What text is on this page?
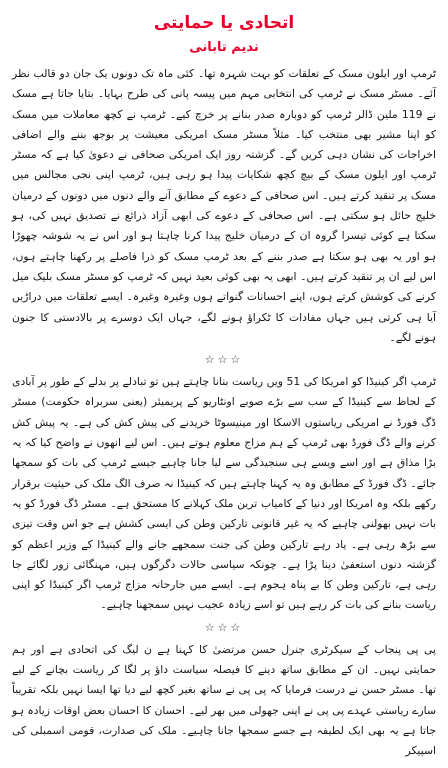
اتحادی یا حمایتی
ندیم تابانی

ٹرمپ اور ایلون مسک کے تعلقات کو بہت شہرہ تھا۔ کئی ماہ تک دونوں یک جان دو قالب نظر آئے۔ مسٹر مسک نے ٹرمپ کی انتخابی مہم میں پیسہ پانی کی طرح بہایا۔ بتایا جاتا ہے مسک نے 119 ملین ڈالر ٹرمپ کو دوبارہ صدر بنانے پر خرچ کیے۔ ٹرمپ نے کچھ معاملات میں مسک کو اپنا مشیر بھی منتخب کیا۔ مثلاً مسٹر مسک امریکی معیشت پر بوجھ بننے والے اضافی اخراجات کی نشان دہی کریں گے۔ گزشتہ روز ایک امریکی صحافی نے دعویٰ کیا ہے کہ مسٹر ٹرمپ اور ایلون مسک کے بیچ کچھ شکایات پیدا ہو رہی ہیں، ٹرمپ اپنی نجی مجالس میں مسک پر تنقید کرتے ہیں۔ اس صحافی کے دعوے کے مطابق آنے والے دنوں میں دونوں کے درمیان خلیج حائل ہو سکتی ہے۔ اس صحافی کے دعوے کی ابھی آزاد ذرائع نے تصدیق نہیں کی، ہو سکتا ہے کوئی تیسرا گروہ ان کے درمیان خلیج پیدا کرنا چاہتا ہو اور اس نے یہ شوشہ چھوڑا ہو اور یہ بھی ہو سکتا ہے صدر بننے کے بعد ٹرمپ مسک کو ذرا فاصلے پر رکھنا چاہتے ہوں، اس لیے ان پر تنقید کرتے ہیں۔ ابھی یہ بھی کوئی بعید نہیں کہ ٹرمپ کو مسٹر مسک بلیک میل کرنے کی کوشش کرتے ہوں، اپنے احسانات گنواتے ہوں وغیرہ وغیرہ۔ ایسے تعلقات میں دراڑیں آیا ہی کرتی ہیں جہاں مفادات کا ٹکراؤ ہونے لگے، جہاں ایک دوسرے پر بالادستی کا جنون ہونے لگے۔

☆☆☆

ٹرمپ اگر کینیڈا کو امریکا کی 51 ویں ریاست بنانا چاہتے ہیں تو تبادلے پر بدلے کے طور پر آبادی کے لحاظ سے کینیڈا کے سب سے بڑے صوبے اونٹاریو کے پریمیئر (یعنی سربراہ حکومت) مسٹر ڈگ فورڈ نے امریکی ریاستوں الاسکا اور مینیسوٹا خریدنے کی پیش کش کی ہے۔ یہ پیش کش کرنے والے ڈگ فورڈ بھی ٹرمپ کے ہم مزاج معلوم ہوتے ہیں۔ اس لیے انھوں نے واضح کیا کہ یہ بڑا مذاق ہے اور اسے ویسے ہی سنجیدگی سے لیا جانا چاہیے جیسے ٹرمپ کی بات کو سمجھا جائے۔ ڈگ فورڈ کے مطابق وہ یہ کہنا چاہتے ہیں کہ کینیڈا نہ صرف الگ ملک کی حیثیت برقرار رکھے بلکہ وہ امریکا اور دنیا کے کامیاب ترین ملک کہلانے کا مستحق ہے۔ مسٹر ڈگ فورڈ کو یہ بات نہیں بھولنی چاہیے کہ یہ غیر قانونی تارکین وطن کی ایسی کشش ہے جو اس وقت تیزی سے بڑھ رہی ہے۔ یاد رہے تارکین وطن کی جنت سمجھے جانے والے کینیڈا کے وزیر اعظم کو گزشتہ دنوں استعفیٰ دینا پڑا ہے۔ چونکہ سیاسی حالات دگرگوں ہیں، مہنگائی زور لگائے جا رہی ہے، تارکین وطن کا بے پناہ ہجوم ہے۔ ایسے میں جارحانہ مزاج ٹرمپ اگر کینیڈا کو اپنی ریاست بنانے کی بات کر رہے ہیں تو اسے زیادہ عجیب نہیں سمجھنا چاہیے۔

☆☆☆

پی پی پنجاب کے سیکرٹری جنرل حسن مرتضیٰ کا کہنا ہے ن لیگ کی اتحادی ہے اور ہم حمایتی نہیں۔ ان کے مطابق ساتھ دینے کا فیصلہ سیاست داؤ پر لگا کر ریاست بچانے کے لیے تھا۔ مسٹر حسن نے درست فرمایا کہ پی پی نے ساتھ بغیر کچھ لیے دیا تھا ایسا نہیں بلکہ تقریباً سارے ریاستی عہدے پی پی نے اپنی جھولی میں بھر لیے۔ احسان کا احسان بعض اوقات زیادہ ہو جاتا ہے یہ بھی ایک لطیفہ ہے جسے سمجھا جانا چاہیے۔ ملک کی صدارت، قومی اسمبلی کی اسپیکر
